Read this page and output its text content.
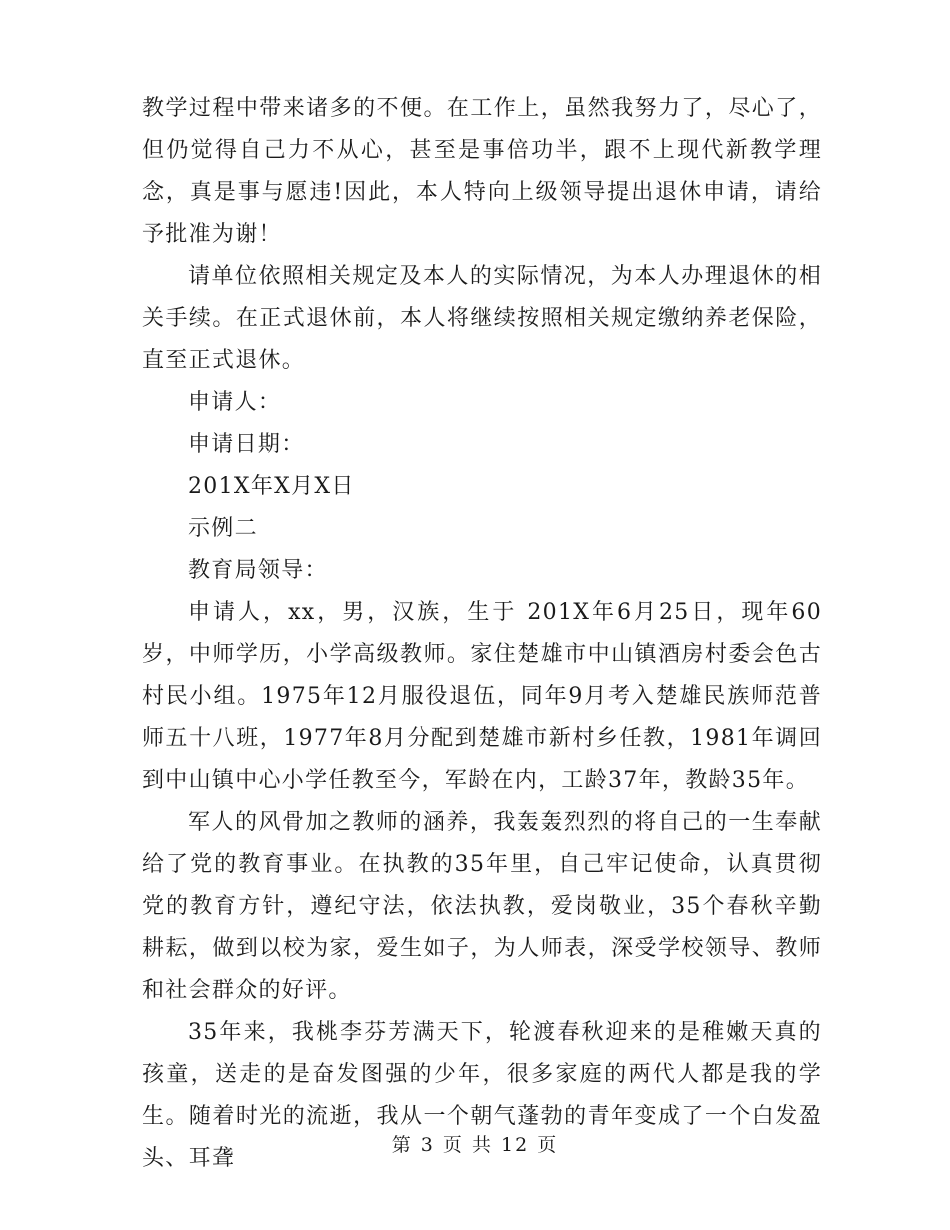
教学过程中带来诸多的不便。在工作上，虽然我努力了，尽心了，但仍觉得自己力不从心，甚至是事倍功半，跟不上现代新教学理念，真是事与愿违!因此，本人特向上级领导提出退休申请，请给予批准为谢！

请单位依照相关规定及本人的实际情况，为本人办理退休的相关手续。在正式退休前，本人将继续按照相关规定缴纳养老保险，直至正式退休。

申请人：

申请日期：

201X年X月X日

示例二

教育局领导：

申请人，xx，男，汉族，生于 201X年6月25日，现年60岁，中师学历，小学高级教师。家住楚雄市中山镇酒房村委会色古村民小组。1975年12月服役退伍，同年9月考入楚雄民族师范普师五十八班，1977年8月分配到楚雄市新村乡任教，1981年调回到中山镇中心小学任教至今，军龄在内，工龄37年，教龄35年。

军人的风骨加之教师的涵养，我轰轰烈烈的将自己的一生奉献给了党的教育事业。在执教的35年里，自己牢记使命，认真贯彻党的教育方针，遵纪守法，依法执教，爱岗敬业，35个春秋辛勤耕耘，做到以校为家，爱生如子，为人师表，深受学校领导、教师和社会群众的好评。

35年来，我桃李芬芳满天下，轮渡春秋迎来的是稚嫩天真的孩童，送走的是奋发图强的少年，很多家庭的两代人都是我的学生。随着时光的流逝，我从一个朝气蓬勃的青年变成了一个白发盈头、耳聋

第 3 页 共 12 页
